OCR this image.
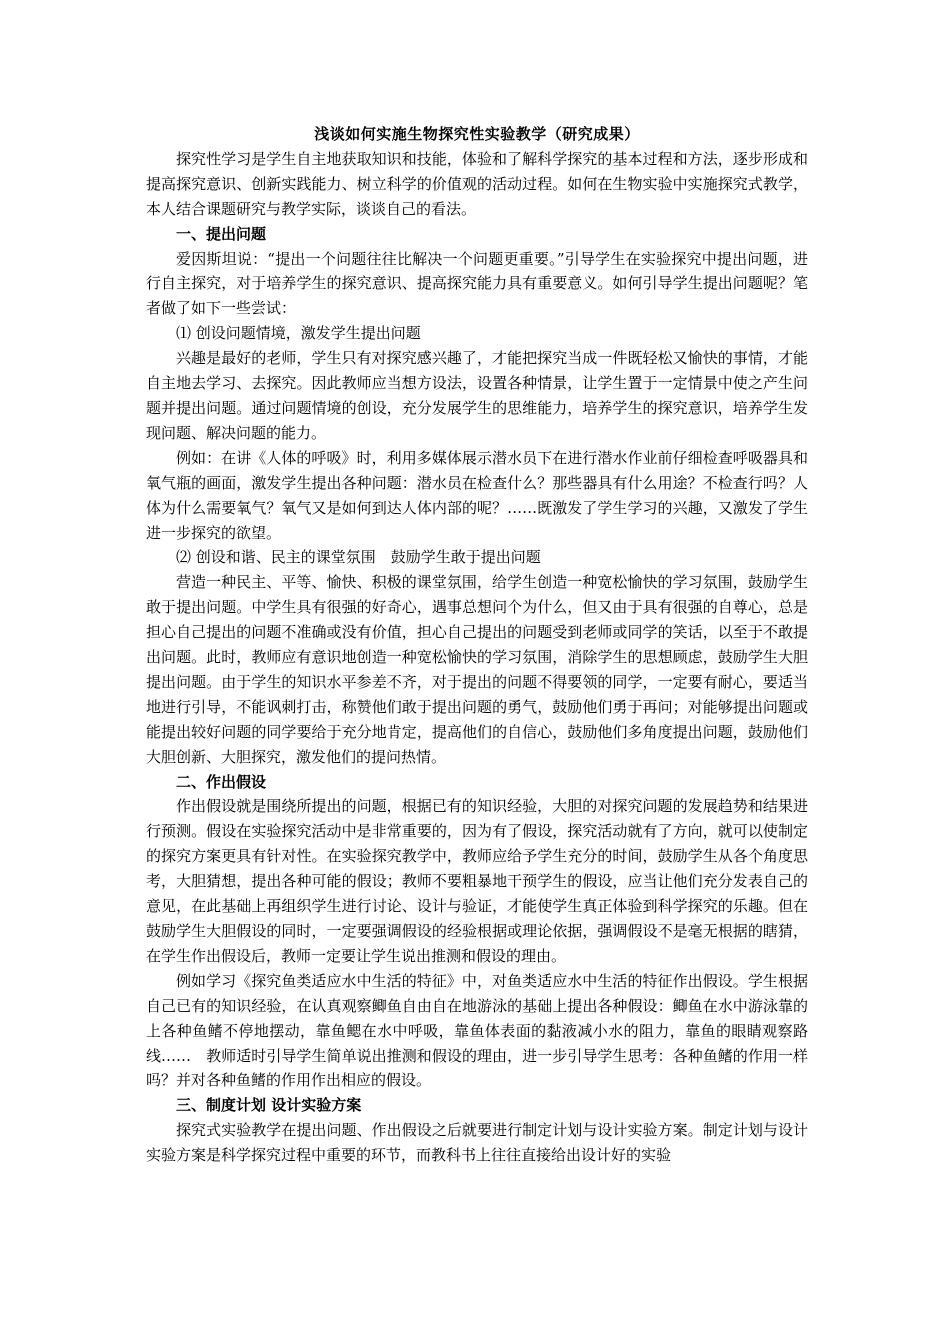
浅谈如何实施生物探究性实验教学（研究成果）

探究性学习是学生自主地获取知识和技能，体验和了解科学探究的基本过程和方法，逐步形成和提高探究意识、创新实践能力、树立科学的价值观的活动过程。如何在生物实验中实施探究式教学，本人结合课题研究与教学实际，谈谈自己的看法。

一、提出问题

爱因斯坦说：“提出一个问题往往比解决一个问题更重要。”引导学生在实验探究中提出问题，进行自主探究，对于培养学生的探究意识、提高探究能力具有重要意义。如何引导学生提出问题呢？笔者做了如下一些尝试：

⑴ 创设问题情境，激发学生提出问题

兴趣是最好的老师，学生只有对探究感兴趣了，才能把探究当成一件既轻松又愉快的事情，才能自主地去学习、去探究。因此教师应当想方设法，设置各种情景，让学生置于一定情景中使之产生问题并提出问题。通过问题情境的创设，充分发展学生的思维能力，培养学生的探究意识，培养学生发现问题、解决问题的能力。

例如：在讲《人体的呼吸》时，利用多媒体展示潜水员下在进行潜水作业前仔细检查呼吸器具和氧气瓶的画面，激发学生提出各种问题：潜水员在检查什么？那些器具有什么用途？不检查行吗？人体为什么需要氧气？氧气又是如何到达人体内部的呢？……既激发了学生学习的兴趣，又激发了学生进一步探究的欲望。

⑵ 创设和谐、民主的课堂氛围　鼓励学生敢于提出问题

营造一种民主、平等、愉快、积极的课堂氛围，给学生创造一种宽松愉快的学习氛围，鼓励学生敢于提出问题。中学生具有很强的好奇心，遇事总想问个为什么，但又由于具有很强的自尊心，总是担心自己提出的问题不准确或没有价值，担心自己提出的问题受到老师或同学的笑话，以至于不敢提出问题。此时，教师应有意识地创造一种宽松愉快的学习氛围，消除学生的思想顾虑，鼓励学生大胆提出问题。由于学生的知识水平参差不齐，对于提出的问题不得要领的同学，一定要有耐心，要适当地进行引导，不能讽刺打击，称赞他们敢于提出问题的勇气，鼓励他们勇于再问；对能够提出问题或能提出较好问题的同学要给于充分地肯定，提高他们的自信心，鼓励他们多角度提出问题，鼓励他们大胆创新、大胆探究，激发他们的提问热情。

二、作出假设

作出假设就是围绕所提出的问题，根据已有的知识经验，大胆的对探究问题的发展趋势和结果进行预测。假设在实验探究活动中是非常重要的，因为有了假设，探究活动就有了方向，就可以使制定的探究方案更具有针对性。在实验探究教学中，教师应给予学生充分的时间，鼓励学生从各个角度思考，大胆猜想，提出各种可能的假设；教师不要粗暴地干预学生的假设，应当让他们充分发表自己的意见，在此基础上再组织学生进行讨论、设计与验证，才能使学生真正体验到科学探究的乐趣。但在鼓励学生大胆假设的同时，一定要强调假设的经验根据或理论依据，强调假设不是毫无根据的瞎猜，在学生作出假设后，教师一定要让学生说出推测和假设的理由。

例如学习《探究鱼类适应水中生活的特征》中，对鱼类适应水中生活的特征作出假设。学生根据自己已有的知识经验，在认真观察鲫鱼自由自在地游泳的基础上提出各种假设：鲫鱼在水中游泳靠的上各种鱼鳍不停地摆动，靠鱼鳃在水中呼吸，靠鱼体表面的黏液减小水的阻力，靠鱼的眼睛观察路线……　教师适时引导学生简单说出推测和假设的理由，进一步引导学生思考：各种鱼鳍的作用一样吗？并对各种鱼鳍的作用作出相应的假设。

三、制度计划 设计实验方案

探究式实验教学在提出问题、作出假设之后就要进行制定计划与设计实验方案。制定计划与设计实验方案是科学探究过程中重要的环节，而教科书上往往直接给出设计好的实验
